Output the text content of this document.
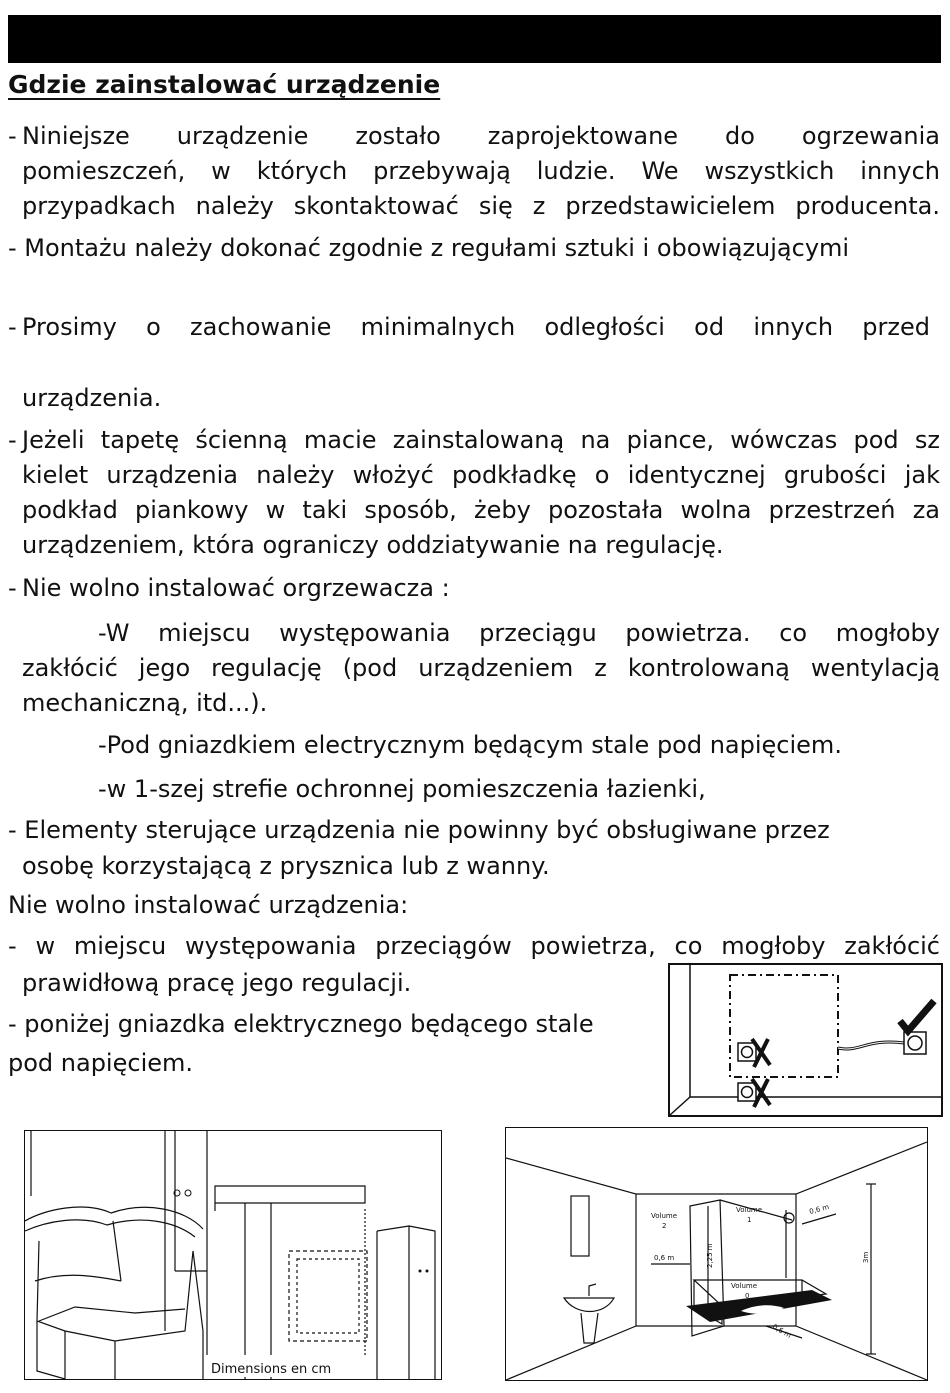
Gdzie zainstalować urządzenie
- Niniejsze urządzenie zostało zaprojektowane do ogrzewania
pomieszczeń, w których przebywają ludzie. We wszystkich innych
przypadkach należy skontaktować się z przedstawicielem producenta.
- Montażu należy dokonać zgodnie z regułami sztuki i obowiązującymi
- Prosimy o zachowanie minimalnych odległości od innych przed
urządzenia.
- Jeżeli tapetę ścienną macie zainstalowaną na piance, wówczas pod sz
kielet urządzenia należy włożyć podkładkę o identycznej grubości jak
podkład piankowy w taki sposób, żeby pozostała wolna przestrzeń za
urządzeniem, która ograniczy oddziatywanie na regulację.
- Nie wolno instalować orgrzewacza :
-W miejscu występowania przeciągu powietrza. co mogłoby
zakłócić jego regulację (pod urządzeniem z kontrolowaną wentylacją
mechaniczną, itd...).
-Pod gniazdkiem electrycznym będącym stale pod napięciem.
-w 1-szej strefie ochronnej pomieszczenia łazienki,
- Elementy sterujące urządzenia nie powinny być obsługiwane przez
osobę korzystającą z prysznica lub z wanny.
Nie wolno instalować urządzenia:
- w miejscu występowania przeciągów powietrza, co mogłoby zakłócić
prawidłową pracę jego regulacji.
- poniżej gniazdka elektrycznego będącego stale
pod napięciem.
Dimensions en cm
Volume
2
Volume
1
Volume
0
0,6 m
0,6 m
0,6 m
2,25 m	3m
